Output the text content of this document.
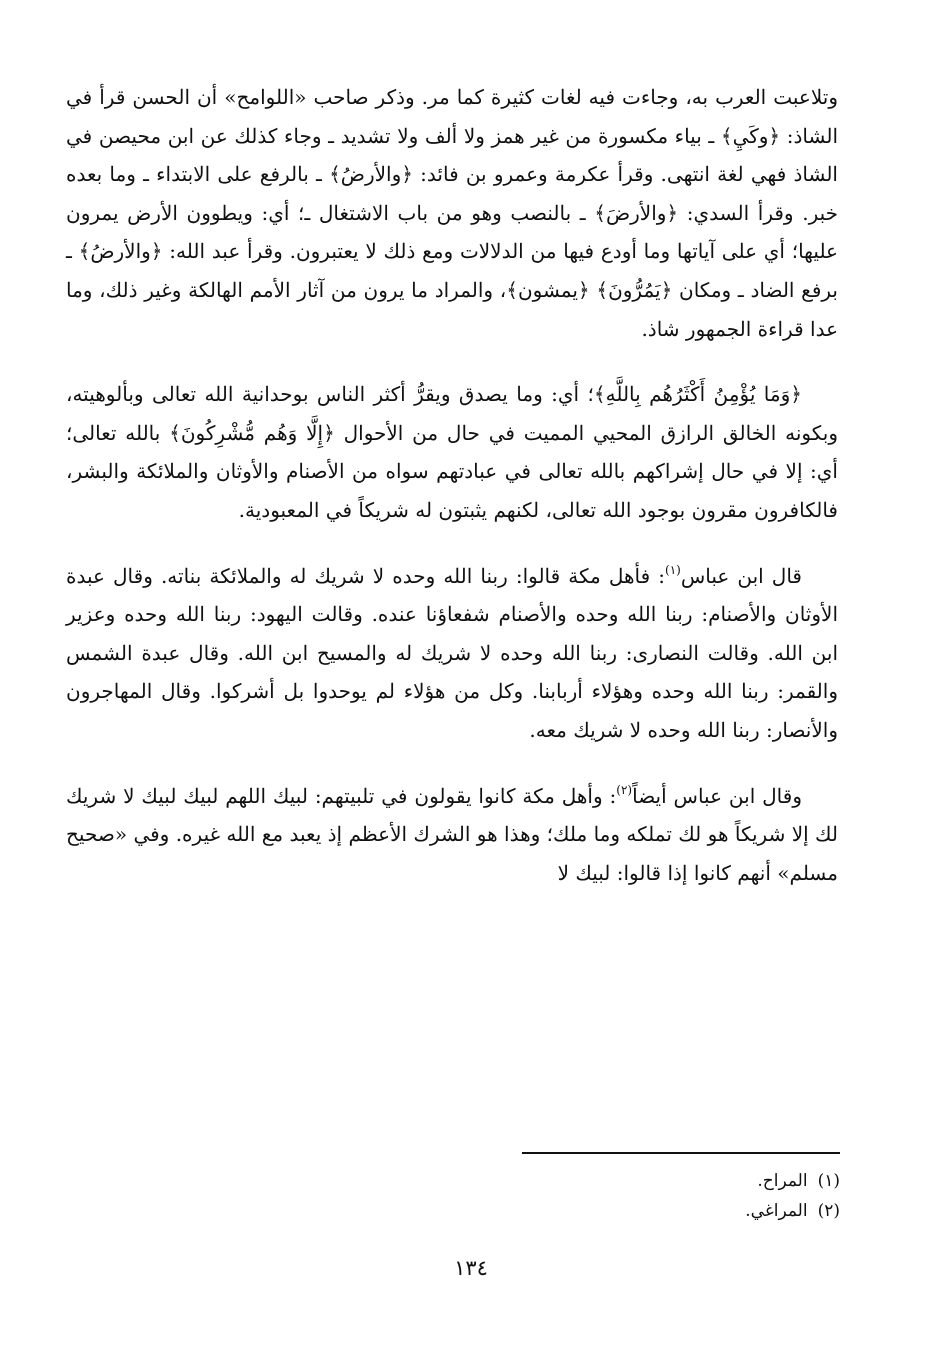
وتلاعبت العرب به، وجاءت فيه لغات كثيرة كما مر. وذكر صاحب «اللوامح» أن الحسن قرأ في الشاذ: ﴿وكَيِ﴾ ـ بياء مكسورة من غير همز ولا ألف ولا تشديد ـ وجاء كذلك عن ابن محيصن في الشاذ فهي لغة انتهى. وقرأ عكرمة وعمرو بن فائد: ﴿والأرضُ﴾ ـ بالرفع على الابتداء ـ وما بعده خبر. وقرأ السدي: ﴿والأرضَ﴾ ـ بالنصب وهو من باب الاشتغال ـ؛ أي: ويطوون الأرض يمرون عليها؛ أي على آياتها وما أودع فيها من الدلالات ومع ذلك لا يعتبرون. وقرأ عبد الله: ﴿والأرضُ﴾ ـ برفع الضاد ـ ومكان ﴿يَمُرُّونَ﴾ ﴿يمشون﴾، والمراد ما يرون من آثار الأمم الهالكة وغير ذلك، وما عدا قراءة الجمهور شاذ.

﴿وَمَا يُؤْمِنُ أَكْثَرُهُم بِاللَّهِ﴾؛ أي: وما يصدق ويقرُّ أكثر الناس بوحدانية الله تعالى وبألوهيته، وبكونه الخالق الرازق المحيي المميت في حال من الأحوال ﴿إِلَّا وَهُم مُّشْرِكُونَ﴾ بالله تعالى؛ أي: إلا في حال إشراكهم بالله تعالى في عبادتهم سواه من الأصنام والأوثان والملائكة والبشر، فالكافرون مقرون بوجود الله تعالى، لكنهم يثبتون له شريكاً في المعبودية.

قال ابن عباس$^{(١)}$: فأهل مكة قالوا: ربنا الله وحده لا شريك له والملائكة بناته. وقال عبدة الأوثان والأصنام: ربنا الله وحده والأصنام شفعاؤنا عنده. وقالت اليهود: ربنا الله وحده وعزير ابن الله. وقالت النصارى: ربنا الله وحده لا شريك له والمسيح ابن الله. وقال عبدة الشمس والقمر: ربنا الله وحده وهؤلاء أربابنا. وكل من هؤلاء لم يوحدوا بل أشركوا. وقال المهاجرون والأنصار: ربنا الله وحده لا شريك معه.

وقال ابن عباس أيضاً$^{(٢)}$: وأهل مكة كانوا يقولون في تلبيتهم: لبيك اللهم لبيك لبيك لا شريك لك إلا شريكاً هو لك تملكه وما ملك؛ وهذا هو الشرك الأعظم إذ يعبد مع الله غيره. وفي «صحيح مسلم» أنهم كانوا إذا قالوا: لبيك لا

(١)المراح.
(٢)المراغي.
١٣٤
